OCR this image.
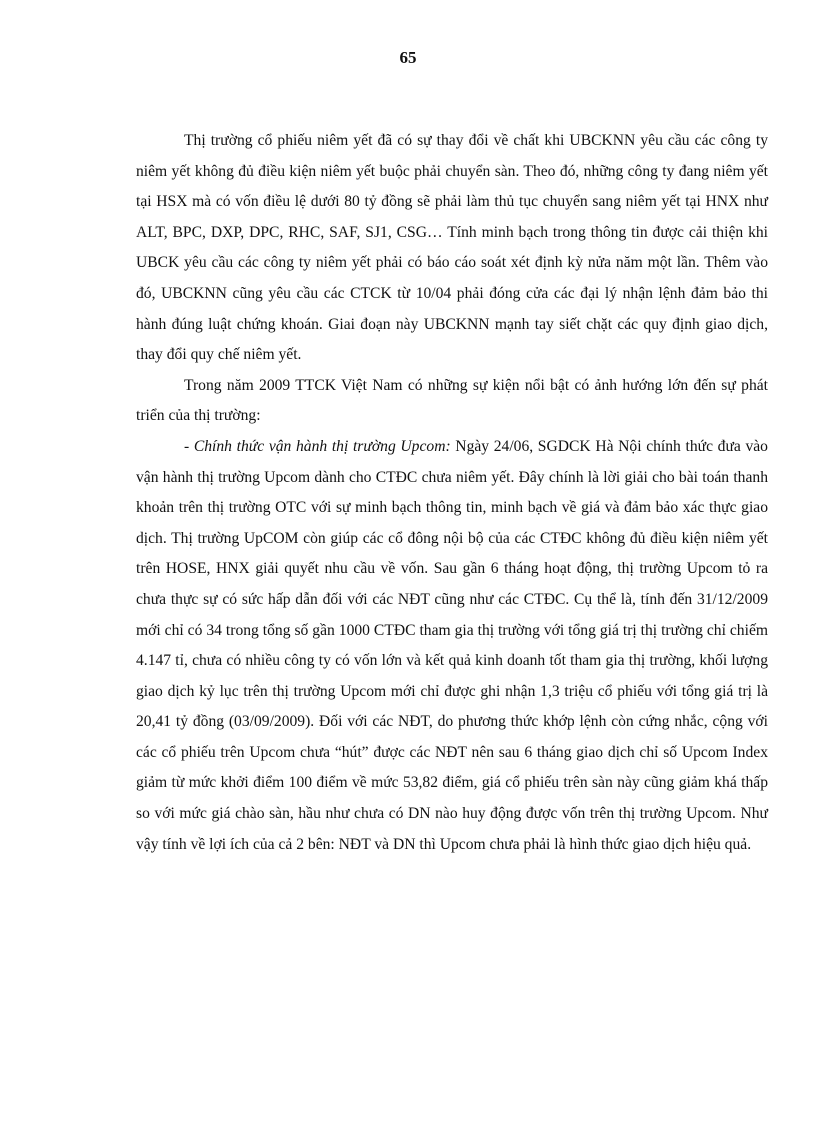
65

Thị trường cổ phiếu niêm yết đã có sự thay đổi về chất khi UBCKNN yêu cầu các công ty niêm yết không đủ điều kiện niêm yết buộc phải chuyển sàn. Theo đó, những công ty đang niêm yết tại HSX mà có vốn điều lệ dưới 80 tỷ đồng sẽ phải làm thủ tục chuyển sang niêm yết tại HNX như ALT, BPC, DXP, DPC, RHC, SAF, SJ1, CSG… Tính minh bạch trong thông tin được cải thiện khi UBCK yêu cầu các công ty niêm yết phải có báo cáo soát xét định kỳ nửa năm một lần. Thêm vào đó, UBCKNN cũng yêu cầu các CTCK từ 10/04 phải đóng cửa các đại lý nhận lệnh đảm bảo thi hành đúng luật chứng khoán. Giai đoạn này UBCKNN mạnh tay siết chặt các quy định giao dịch, thay đổi quy chế niêm yết.

Trong năm 2009 TTCK Việt Nam có những sự kiện nổi bật có ảnh hướng lớn đến sự phát triển của thị trường:

- Chính thức vận hành thị trường Upcom: Ngày 24/06, SGDCK Hà Nội chính thức đưa vào vận hành thị trường Upcom dành cho CTĐC chưa niêm yết. Đây chính là lời giải cho bài toán thanh khoản trên thị trường OTC với sự minh bạch thông tin, minh bạch về giá và đảm bảo xác thực giao dịch. Thị trường UpCOM còn giúp các cổ đông nội bộ của các CTĐC không đủ điều kiện niêm yết trên HOSE, HNX giải quyết nhu cầu về vốn. Sau gần 6 tháng hoạt động, thị trường Upcom tỏ ra chưa thực sự có sức hấp dẫn đối với các NĐT cũng như các CTĐC. Cụ thể là, tính đến 31/12/2009 mới chỉ có 34 trong tổng số gần 1000 CTĐC tham gia thị trường với tổng giá trị thị trường chỉ chiếm 4.147 tỉ, chưa có nhiều công ty có vốn lớn và kết quả kinh doanh tốt tham gia thị trường, khối lượng giao dịch kỷ lục trên thị trường Upcom mới chỉ được ghi nhận 1,3 triệu cổ phiếu với tổng giá trị là 20,41 tỷ đồng (03/09/2009). Đối với các NĐT, do phương thức khớp lệnh còn cứng nhắc, cộng với các cổ phiếu trên Upcom chưa “hút” được các NĐT nên sau 6 tháng giao dịch chỉ số Upcom Index giảm từ mức khởi điểm 100 điểm về mức 53,82 điểm, giá cổ phiếu trên sàn này cũng giảm khá thấp so với mức giá chào sàn, hầu như chưa có DN nào huy động được vốn trên thị trường Upcom. Như vậy tính về lợi ích của cả 2 bên: NĐT và DN thì Upcom chưa phải là hình thức giao dịch hiệu quả.
